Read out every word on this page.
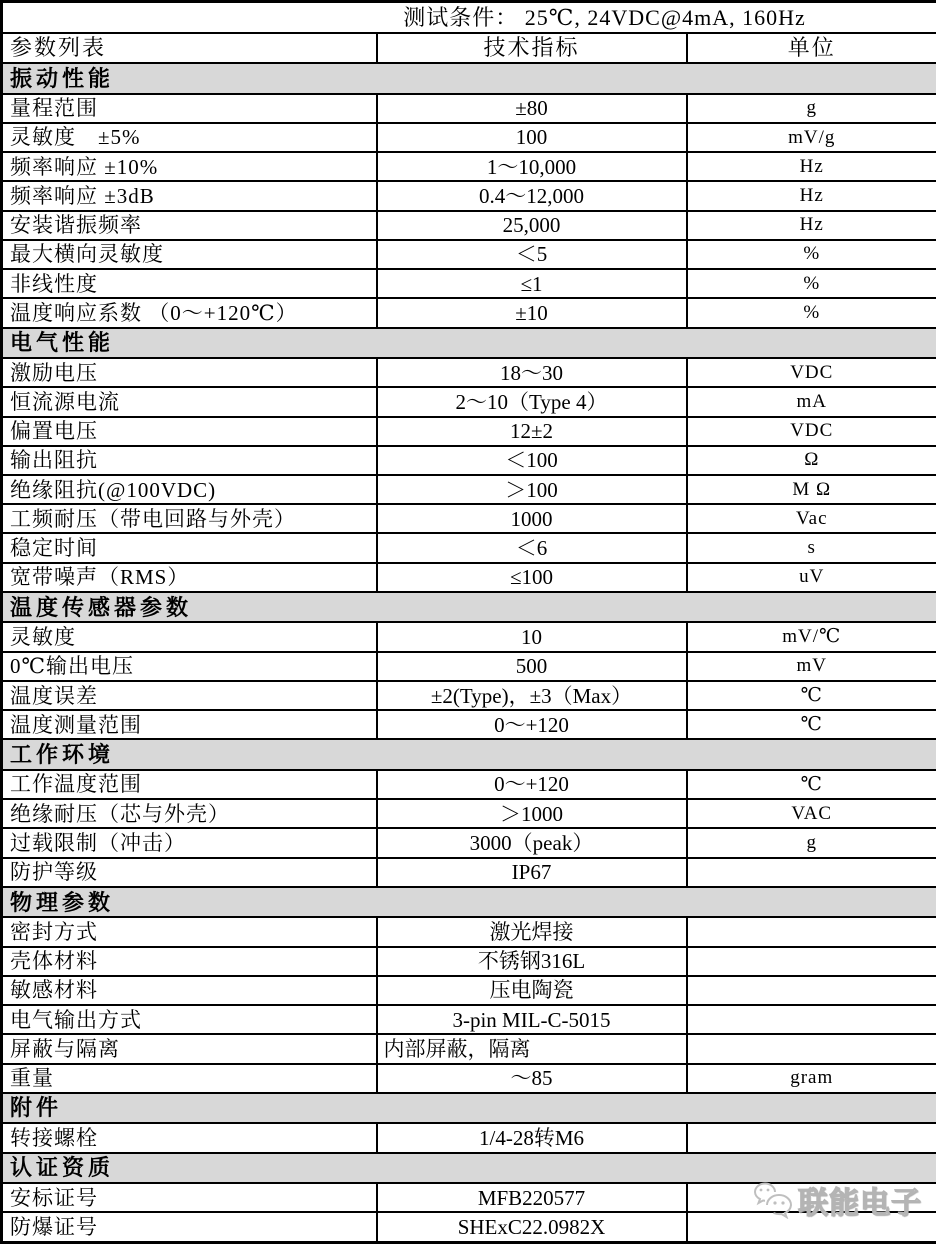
测试条件： 25℃, 24VDC@4mA, 160Hz		
参数列表	技术指标	单位
振动性能		
量程范围	±80	g
灵敏度　±5%	100	mV/g
频率响应 ±10%	1～10,000	Hz
频率响应 ±3dB	0.4～12,000	Hz
安装谐振频率	25,000	Hz
最大横向灵敏度	＜5	%
非线性度	≤1	%
温度响应系数 （0～+120℃）	±10	%
电气性能		
激励电压	18～30	VDC
恒流源电流	2～10（Type 4）	mA
偏置电压	12±2	VDC
输出阻抗	＜100	Ω
绝缘阻抗(@100VDC)	＞100	M Ω
工频耐压（带电回路与外壳）	1000	Vac
稳定时间	＜6	s
宽带噪声（RMS）	≤100	uV
温度传感器参数		
灵敏度	10	mV/℃
0℃输出电压	500	mV
温度误差	±2(Type)，±3（Max）	℃
温度测量范围	0～+120	℃
工作环境		
工作温度范围	0～+120	℃
绝缘耐压（芯与外壳）	＞1000	VAC
过载限制（冲击）	3000（peak）	g
防护等级	IP67	
物理参数		
密封方式	激光焊接	
壳体材料	不锈钢316L	
敏感材料	压电陶瓷	
电气输出方式	3-pin MIL-C-5015	
屏蔽与隔离	内部屏蔽，隔离	
重量	～85	gram
附件		
转接螺栓	1/4-28转M6	
认证资质		
安标证号	MFB220577	
防爆证号	SHExC22.0982X	
联能电子
